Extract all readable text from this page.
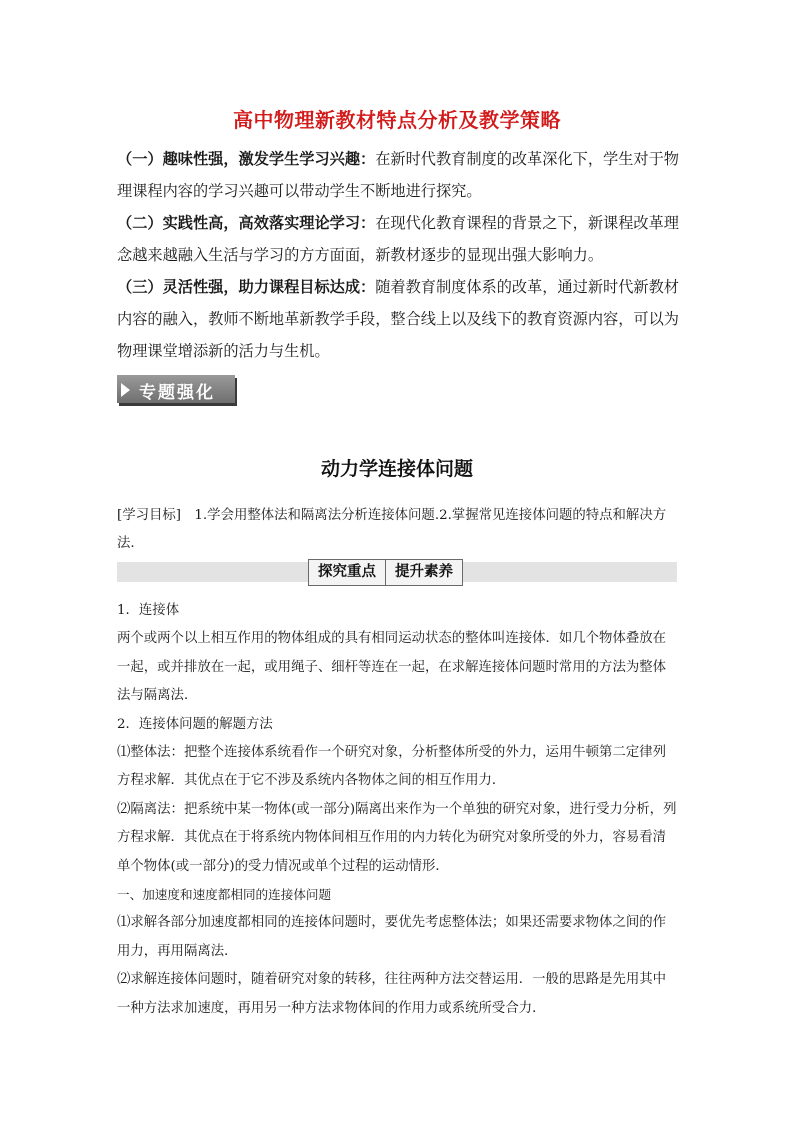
高中物理新教材特点分析及教学策略

（一）趣味性强，激发学生学习兴趣：在新时代教育制度的改革深化下，学生对于物理课程内容的学习兴趣可以带动学生不断地进行探究。

（二）实践性高，高效落实理论学习：在现代化教育课程的背景之下，新课程改革理念越来越融入生活与学习的方方面面，新教材逐步的显现出强大影响力。

（三）灵活性强，助力课程目标达成：随着教育制度体系的改革，通过新时代新教材内容的融入，教师不断地革新教学手段，整合线上以及线下的教育资源内容，可以为物理课堂增添新的活力与生机。

专题强化
动力学连接体问题

[学习目标]　1.学会用整体法和隔离法分析连接体问题.2.掌握常见连接体问题的特点和解决方法.

探究重点	提升素养

1．连接体

两个或两个以上相互作用的物体组成的具有相同运动状态的整体叫连接体．如几个物体叠放在一起，或并排放在一起，或用绳子、细杆等连在一起，在求解连接体问题时常用的方法为整体法与隔离法．

2．连接体问题的解题方法

⑴整体法：把整个连接体系统看作一个研究对象，分析整体所受的外力，运用牛顿第二定律列方程求解．其优点在于它不涉及系统内各物体之间的相互作用力．

⑵隔离法：把系统中某一物体(或一部分)隔离出来作为一个单独的研究对象，进行受力分析，列方程求解．其优点在于将系统内物体间相互作用的内力转化为研究对象所受的外力，容易看清单个物体(或一部分)的受力情况或单个过程的运动情形．

一、加速度和速度都相同的连接体问题

⑴求解各部分加速度都相同的连接体问题时，要优先考虑整体法；如果还需要求物体之间的作用力，再用隔离法．

⑵求解连接体问题时，随着研究对象的转移，往往两种方法交替运用．一般的思路是先用其中一种方法求加速度，再用另一种方法求物体间的作用力或系统所受合力．
